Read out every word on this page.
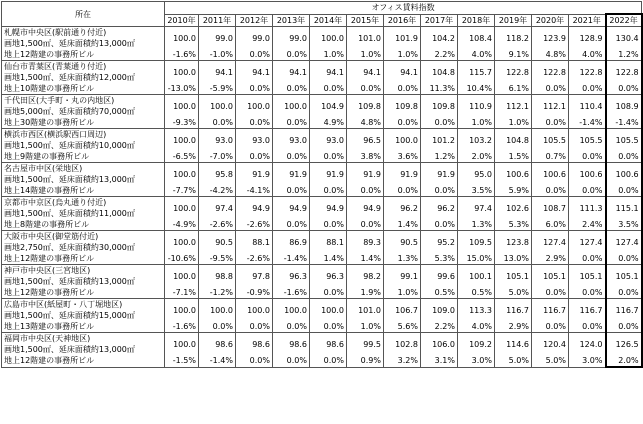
所在	オフィス賃料指数												
	2010年	2011年	2012年	2013年	2014年	2015年	2016年	2017年	2018年	2019年	2020年	2021年	2022年
札幌市中央区(駅前通り付近)	100.0	99.0	99.0	99.0	100.0	101.0	101.9	104.2	108.4	118.2	123.9	128.9	130.4
画地1,500㎡、延床面積約13,000㎡													
地上12階建の事務所ビル	-1.6%	-1.0%	0.0%	0.0%	1.0%	1.0%	1.0%	2.2%	4.0%	9.1%	4.8%	4.0%	1.2%
仙台市青葉区(青葉通り付近)	100.0	94.1	94.1	94.1	94.1	94.1	94.1	104.8	115.7	122.8	122.8	122.8	122.8
画地1,500㎡、延床面積約12,000㎡													
地上10階建の事務所ビル	-13.0%	-5.9%	0.0%	0.0%	0.0%	0.0%	0.0%	11.3%	10.4%	6.1%	0.0%	0.0%	0.0%
千代田区(大手町・丸の内地区)	100.0	100.0	100.0	100.0	104.9	109.8	109.8	109.8	110.9	112.1	112.1	110.4	108.9
画地5,000㎡、延床面積約70,000㎡													
地上30階建の事務所ビル	-9.3%	0.0%	0.0%	0.0%	4.9%	4.8%	0.0%	0.0%	1.0%	1.0%	0.0%	-1.4%	-1.4%
横浜市西区(横浜駅西口周辺)	100.0	93.0	93.0	93.0	93.0	96.5	100.0	101.2	103.2	104.8	105.5	105.5	105.5
画地1,500㎡、延床面積約10,000㎡													
地上9階建の事務所ビル	-6.5%	-7.0%	0.0%	0.0%	0.0%	3.8%	3.6%	1.2%	2.0%	1.5%	0.7%	0.0%	0.0%
名古屋市中区(栄地区)	100.0	95.8	91.9	91.9	91.9	91.9	91.9	91.9	95.0	100.6	100.6	100.6	100.6
画地1,500㎡、延床面積約13,000㎡													
地上14階建の事務所ビル	-7.7%	-4.2%	-4.1%	0.0%	0.0%	0.0%	0.0%	0.0%	3.5%	5.9%	0.0%	0.0%	0.0%
京都市中京区(烏丸通り付近)	100.0	97.4	94.9	94.9	94.9	94.9	96.2	96.2	97.4	102.6	108.7	111.3	115.1
画地1,500㎡、延床面積約11,000㎡													
地上8階建の事務所ビル	-4.9%	-2.6%	-2.6%	0.0%	0.0%	0.0%	1.4%	0.0%	1.3%	5.3%	6.0%	2.4%	3.5%
大阪市中央区(御堂筋付近)	100.0	90.5	88.1	86.9	88.1	89.3	90.5	95.2	109.5	123.8	127.4	127.4	127.4
画地2,750㎡、延床面積約30,000㎡													
地上12階建の事務所ビル	-10.6%	-9.5%	-2.6%	-1.4%	1.4%	1.4%	1.3%	5.3%	15.0%	13.0%	2.9%	0.0%	0.0%
神戸市中央区(三宮地区)	100.0	98.8	97.8	96.3	96.3	98.2	99.1	99.6	100.1	105.1	105.1	105.1	105.1
画地1,500㎡、延床面積約13,000㎡													
地上12階建の事務所ビル	-7.1%	-1.2%	-0.9%	-1.6%	0.0%	1.9%	1.0%	0.5%	0.5%	5.0%	0.0%	0.0%	0.0%
広島市中区(紙屋町・八丁堀地区)	100.0	100.0	100.0	100.0	100.0	101.0	106.7	109.0	113.3	116.7	116.7	116.7	116.7
画地1,500㎡、延床面積約15,000㎡													
地上13階建の事務所ビル	-1.6%	0.0%	0.0%	0.0%	0.0%	1.0%	5.6%	2.2%	4.0%	2.9%	0.0%	0.0%	0.0%
福岡市中央区(天神地区)	100.0	98.6	98.6	98.6	98.6	99.5	102.8	106.0	109.2	114.6	120.4	124.0	126.5
画地1,500㎡、延床面積約13,000㎡													
地上12階建の事務所ビル	-1.5%	-1.4%	0.0%	0.0%	0.0%	0.9%	3.2%	3.1%	3.0%	5.0%	5.0%	3.0%	2.0%
